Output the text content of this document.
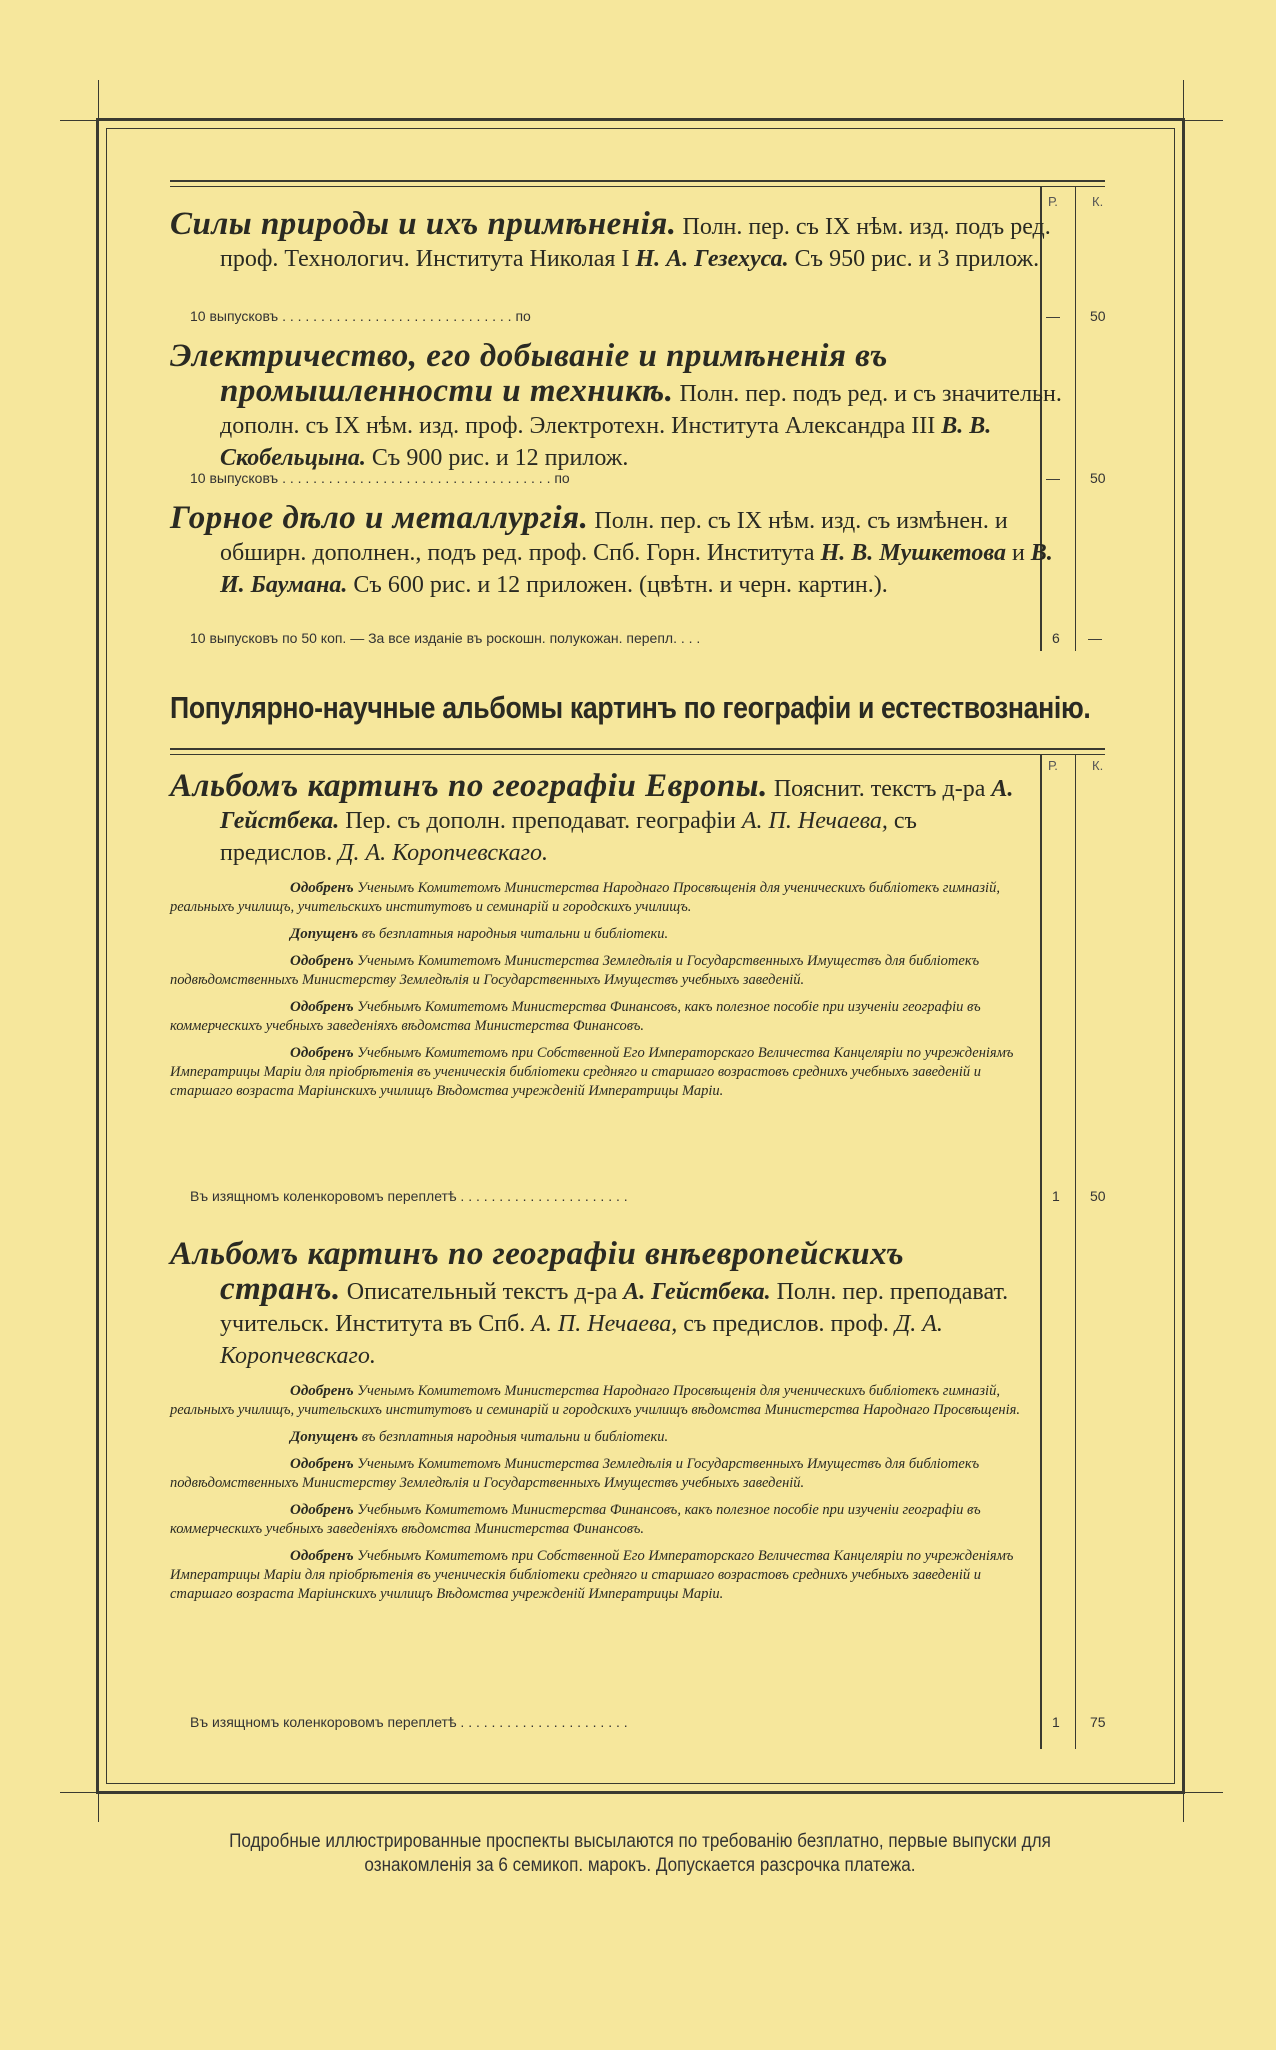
Р.	К.
Силы природы и ихъ примѣненія. Полн. пер. съ IX нѣм. изд. подъ ред. проф. Технологич. Института Николая I Н. А. Гезехуса. Съ 950 рис. и 3 прилож.
10 выпусковъ . . . . . . . . . . . . . . . . . . . . . . . . . . . . . . по	— 50
Электричество, его добываніе и примѣненія въ промышленности и техникѣ. Полн. пер. подъ ред. и съ значительн. дополн. съ IX нѣм. изд. проф. Электротехн. Института Александра III В. В. Скобельцына. Съ 900 рис. и 12 прилож.
10 выпусковъ . . . . . . . . . . . . . . . . . . . . . . . . . . . . . . . . . . . по	— 50
Горное дѣло и металлургія. Полн. пер. съ IX нѣм. изд. съ измѣнен. и обширн. дополнен., подъ ред. проф. Спб. Горн. Института Н. В. Мушкетова и В. И. Баумана. Съ 600 рис. и 12 приложен. (цвѣтн. и черн. картин.).
10 выпусковъ по 50 коп. — За все изданіе въ роскошн. полукожан. перепл. . . .	6 —
Популярно-научные альбомы картинъ по географіи и естествознанію.
Р.	К.
Альбомъ картинъ по географіи Европы. Пояснит. текстъ д-ра А. Гейстбека. Пер. съ дополн. преподават. географіи А. П. Нечаева, съ предислов. Д. А. Коропчевскаго.

Одобренъ Ученымъ Комитетомъ Министерства Народнаго Просвѣщенія для ученическихъ библіотекъ гимназій, реальныхъ училищъ, учительскихъ институтовъ и семинарій и городскихъ училищъ.

Допущенъ въ безплатныя народныя читальни и библіотеки.

Одобренъ Ученымъ Комитетомъ Министерства Земледѣлія и Государственныхъ Имуществъ для библіотекъ подвѣдомственныхъ Министерству Земледѣлія и Государственныхъ Имуществъ учебныхъ заведеній.

Одобренъ Учебнымъ Комитетомъ Министерства Финансовъ, какъ полезное пособіе при изученіи географіи въ коммерческихъ учебныхъ заведеніяхъ вѣдомства Министерства Финансовъ.

Одобренъ Учебнымъ Комитетомъ при Собственной Его Императорскаго Величества Канцеляріи по учрежденіямъ Императрицы Маріи для пріобрѣтенія въ ученическія библіотеки средняго и старшаго возрастовъ среднихъ учебныхъ заведеній и старшаго возраста Маріинскихъ училищъ Вѣдомства учрежденій Императрицы Маріи.

Въ изящномъ коленкоровомъ переплетѣ . . . . . . . . . . . . . . . . . . . . . .	1 50
Альбомъ картинъ по географіи внѣевропейскихъ странъ. Описательный текстъ д-ра А. Гейстбека. Полн. пер. преподават. учительск. Института въ Спб. А. П. Нечаева, съ предислов. проф. Д. А. Коропчевскаго.

Одобренъ Ученымъ Комитетомъ Министерства Народнаго Просвѣщенія для ученическихъ библіотекъ гимназій, реальныхъ училищъ, учительскихъ институтовъ и семинарій и городскихъ училищъ вѣдомства Министерства Народнаго Просвѣщенія.

Допущенъ въ безплатныя народныя читальни и библіотеки.

Одобренъ Ученымъ Комитетомъ Министерства Земледѣлія и Государственныхъ Имуществъ для библіотекъ подвѣдомственныхъ Министерству Земледѣлія и Государственныхъ Имуществъ учебныхъ заведеній.

Одобренъ Учебнымъ Комитетомъ Министерства Финансовъ, какъ полезное пособіе при изученіи географіи въ коммерческихъ учебныхъ заведеніяхъ вѣдомства Министерства Финансовъ.

Одобренъ Учебнымъ Комитетомъ при Собственной Его Императорскаго Величества Канцеляріи по учрежденіямъ Императрицы Маріи для пріобрѣтенія въ ученическія библіотеки средняго и старшаго возрастовъ среднихъ учебныхъ заведеній и старшаго возраста Маріинскихъ училищъ Вѣдомства учрежденій Императрицы Маріи.

Въ изящномъ коленкоровомъ переплетѣ . . . . . . . . . . . . . . . . . . . . . .	1 75
Подробные иллюстрированные проспекты высылаются по требованію безплатно, первые выпуски для ознакомленія за 6 семикоп. марокъ. Допускается разсрочка платежа.
